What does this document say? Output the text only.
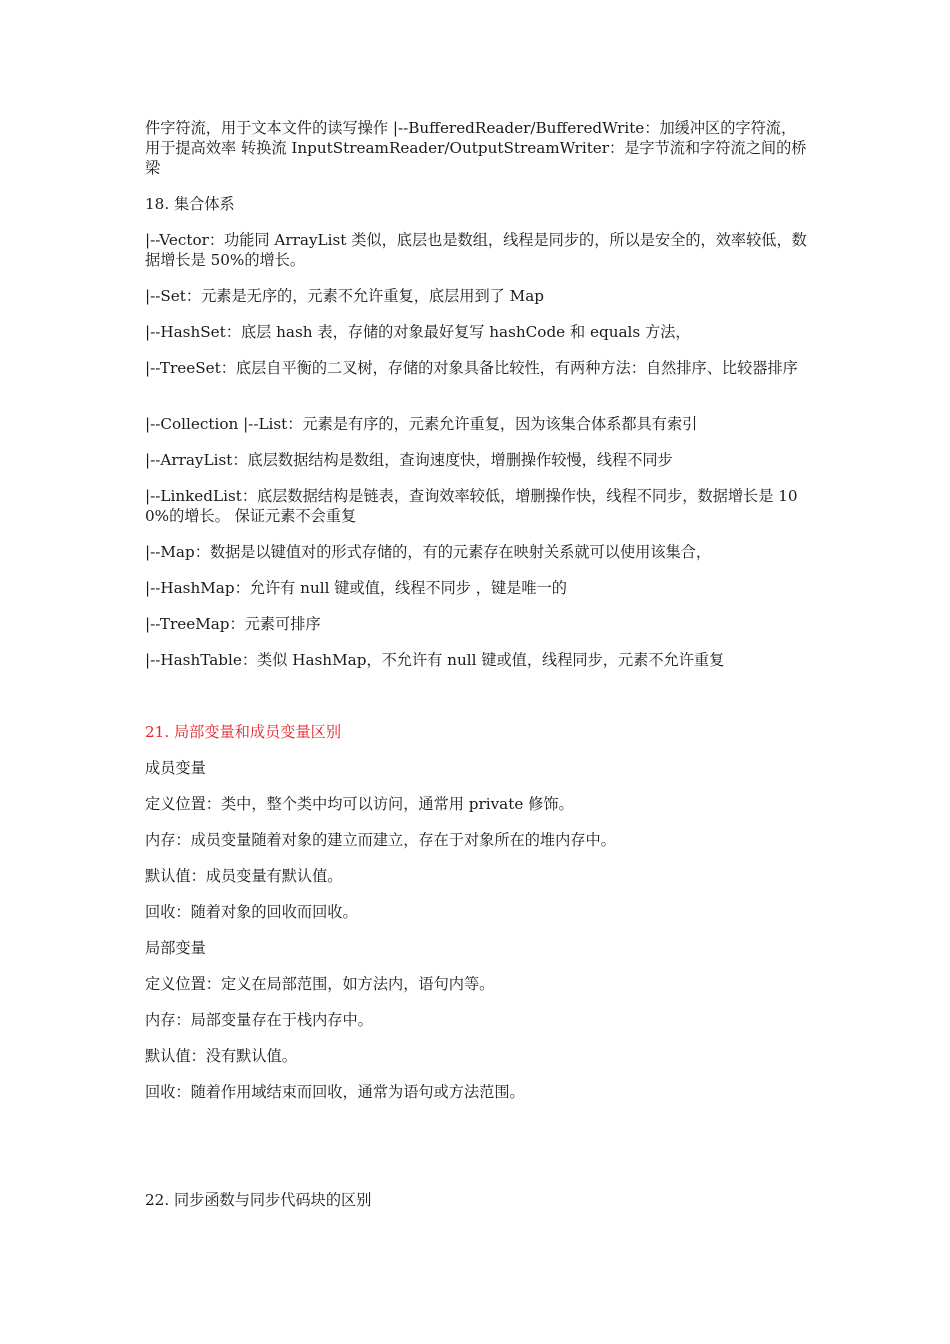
件字符流，用于文本文件的读写操作 |--BufferedReader/BufferedWrite：加缓冲区的字符流，用于提高效率 转换流 InputStreamReader/OutputStreamWriter：是字节流和字符流之间的桥梁

18. 集合体系

|--Vector：功能同 ArrayList 类似，底层也是数组，线程是同步的，所以是安全的，效率较低，数据增长是 50%的增长。

|--Set：元素是无序的，元素不允许重复，底层用到了 Map

|--HashSet：底层 hash 表，存储的对象最好复写 hashCode 和 equals 方法，

|--TreeSet：底层自平衡的二叉树，存储的对象具备比较性，有两种方法：自然排序、比较器排序

|--Collection |--List：元素是有序的，元素允许重复，因为该集合体系都具有索引

|--ArrayList：底层数据结构是数组，查询速度快，增删操作较慢，线程不同步

|--LinkedList：底层数据结构是链表，查询效率较低，增删操作快，线程不同步，数据增长是 100%的增长。 保证元素不会重复

|--Map：数据是以键值对的形式存储的，有的元素存在映射关系就可以使用该集合，

|--HashMap：允许有 null 键或值，线程不同步 ，键是唯一的

|--TreeMap：元素可排序

|--HashTable：类似 HashMap，不允许有 null 键或值，线程同步，元素不允许重复

21. 局部变量和成员变量区别

成员变量

定义位置：类中，整个类中均可以访问，通常用 private 修饰。

内存：成员变量随着对象的建立而建立，存在于对象所在的堆内存中。

默认值：成员变量有默认值。

回收：随着对象的回收而回收。

局部变量

定义位置：定义在局部范围，如方法内，语句内等。

内存：局部变量存在于栈内存中。

默认值：没有默认值。

回收：随着作用域结束而回收，通常为语句或方法范围。

22. 同步函数与同步代码块的区别
